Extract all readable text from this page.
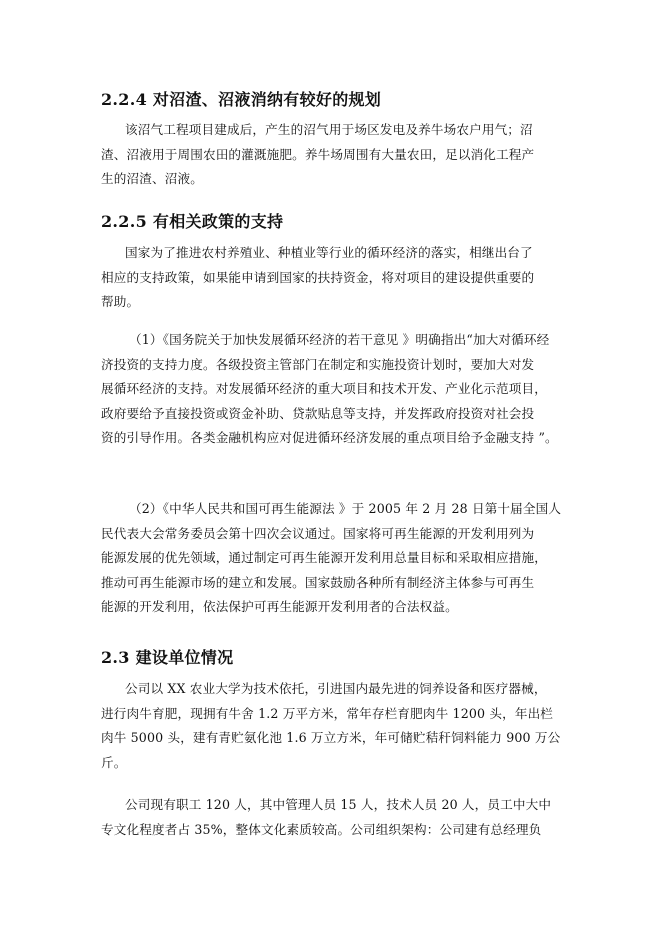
2.2.4 对沼渣、沼液消纳有较好的规划
该沼气工程项目建成后，产生的沼气用于场区发电及养牛场农户用气；沼
渣、沼液用于周围农田的灌溉施肥。养牛场周围有大量农田，足以消化工程产
生的沼渣、沼液。
2.2.5 有相关政策的支持
国家为了推进农村养殖业、种植业等行业的循环经济的落实，相继出台了
相应的支持政策，如果能申请到国家的扶持资金，将对项目的建设提供重要的
帮助。
（1）《国务院关于加快发展循环经济的若干意见 》明确指出“加大对循环经
济投资的支持力度。各级投资主管部门在制定和实施投资计划时，要加大对发
展循环经济的支持。对发展循环经济的重大项目和技术开发、产业化示范项目，
政府要给予直接投资或资金补助、贷款贴息等支持，并发挥政府投资对社会投
资的引导作用。各类金融机构应对促进循环经济发展的重点项目给予金融支持 ”。
（2）《中华人民共和国可再生能源法 》于 2005 年 2 月 28 日第十届全国人
民代表大会常务委员会第十四次会议通过。国家将可再生能源的开发利用列为
能源发展的优先领域，通过制定可再生能源开发利用总量目标和采取相应措施，
推动可再生能源市场的建立和发展。国家鼓励各种所有制经济主体参与可再生
能源的开发利用，依法保护可再生能源开发利用者的合法权益。
2.3 建设单位情况
公司以 XX 农业大学为技术依托，引进国内最先进的饲养设备和医疗器械，
进行肉牛育肥，现拥有牛舍 1.2 万平方米，常年存栏育肥肉牛 1200 头，年出栏
肉牛 5000 头，建有青贮氨化池 1.6 万立方米，年可储贮秸秆饲料能力 900 万公
斤。
公司现有职工 120 人，其中管理人员 15 人，技术人员 20 人，员工中大中
专文化程度者占 35%，整体文化素质较高。公司组织架构：公司建有总经理负
